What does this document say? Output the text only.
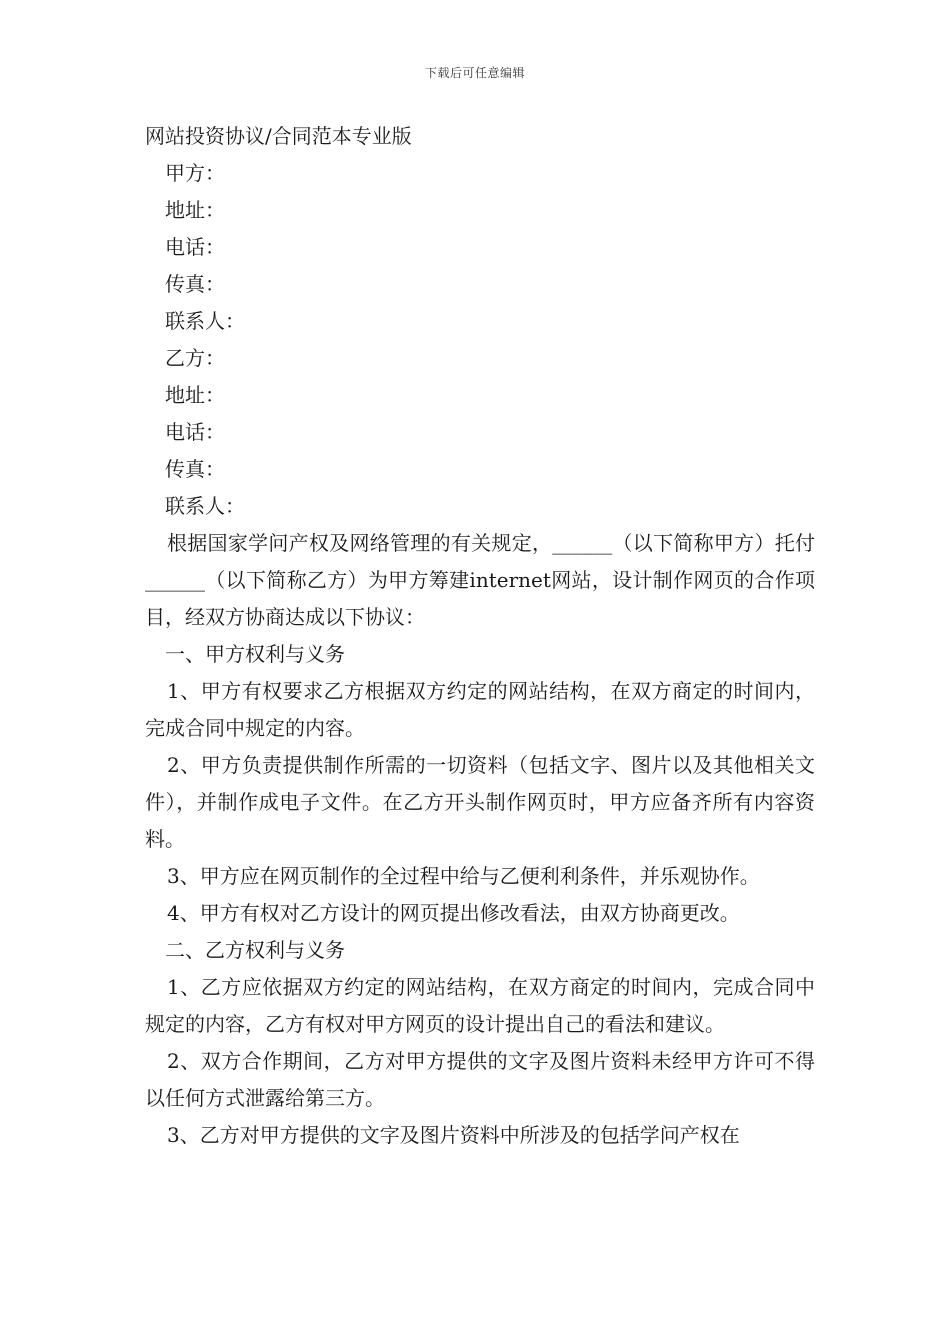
下载后可任意编辑

网站投资协议/合同范本专业版

甲方：

地址：

电话：

传真：

联系人：

乙方：

地址：

电话：

传真：

联系人：

根据国家学问产权及网络管理的有关规定，______（以下简称甲方）托付______（以下简称乙方）为甲方筹建internet网站，设计制作网页的合作项目，经双方协商达成以下协议：

一、甲方权利与义务

1、甲方有权要求乙方根据双方约定的网站结构，在双方商定的时间内，完成合同中规定的内容。

2、甲方负责提供制作所需的一切资料（包括文字、图片以及其他相关文件），并制作成电子文件。在乙方开头制作网页时，甲方应备齐所有内容资料。

3、甲方应在网页制作的全过程中给与乙便利利条件，并乐观协作。

4、甲方有权对乙方设计的网页提出修改看法，由双方协商更改。

二、乙方权利与义务

1、乙方应依据双方约定的网站结构，在双方商定的时间内，完成合同中规定的内容，乙方有权对甲方网页的设计提出自己的看法和建议。

2、双方合作期间，乙方对甲方提供的文字及图片资料未经甲方许可不得以任何方式泄露给第三方。

3、乙方对甲方提供的文字及图片资料中所涉及的包括学问产权在
